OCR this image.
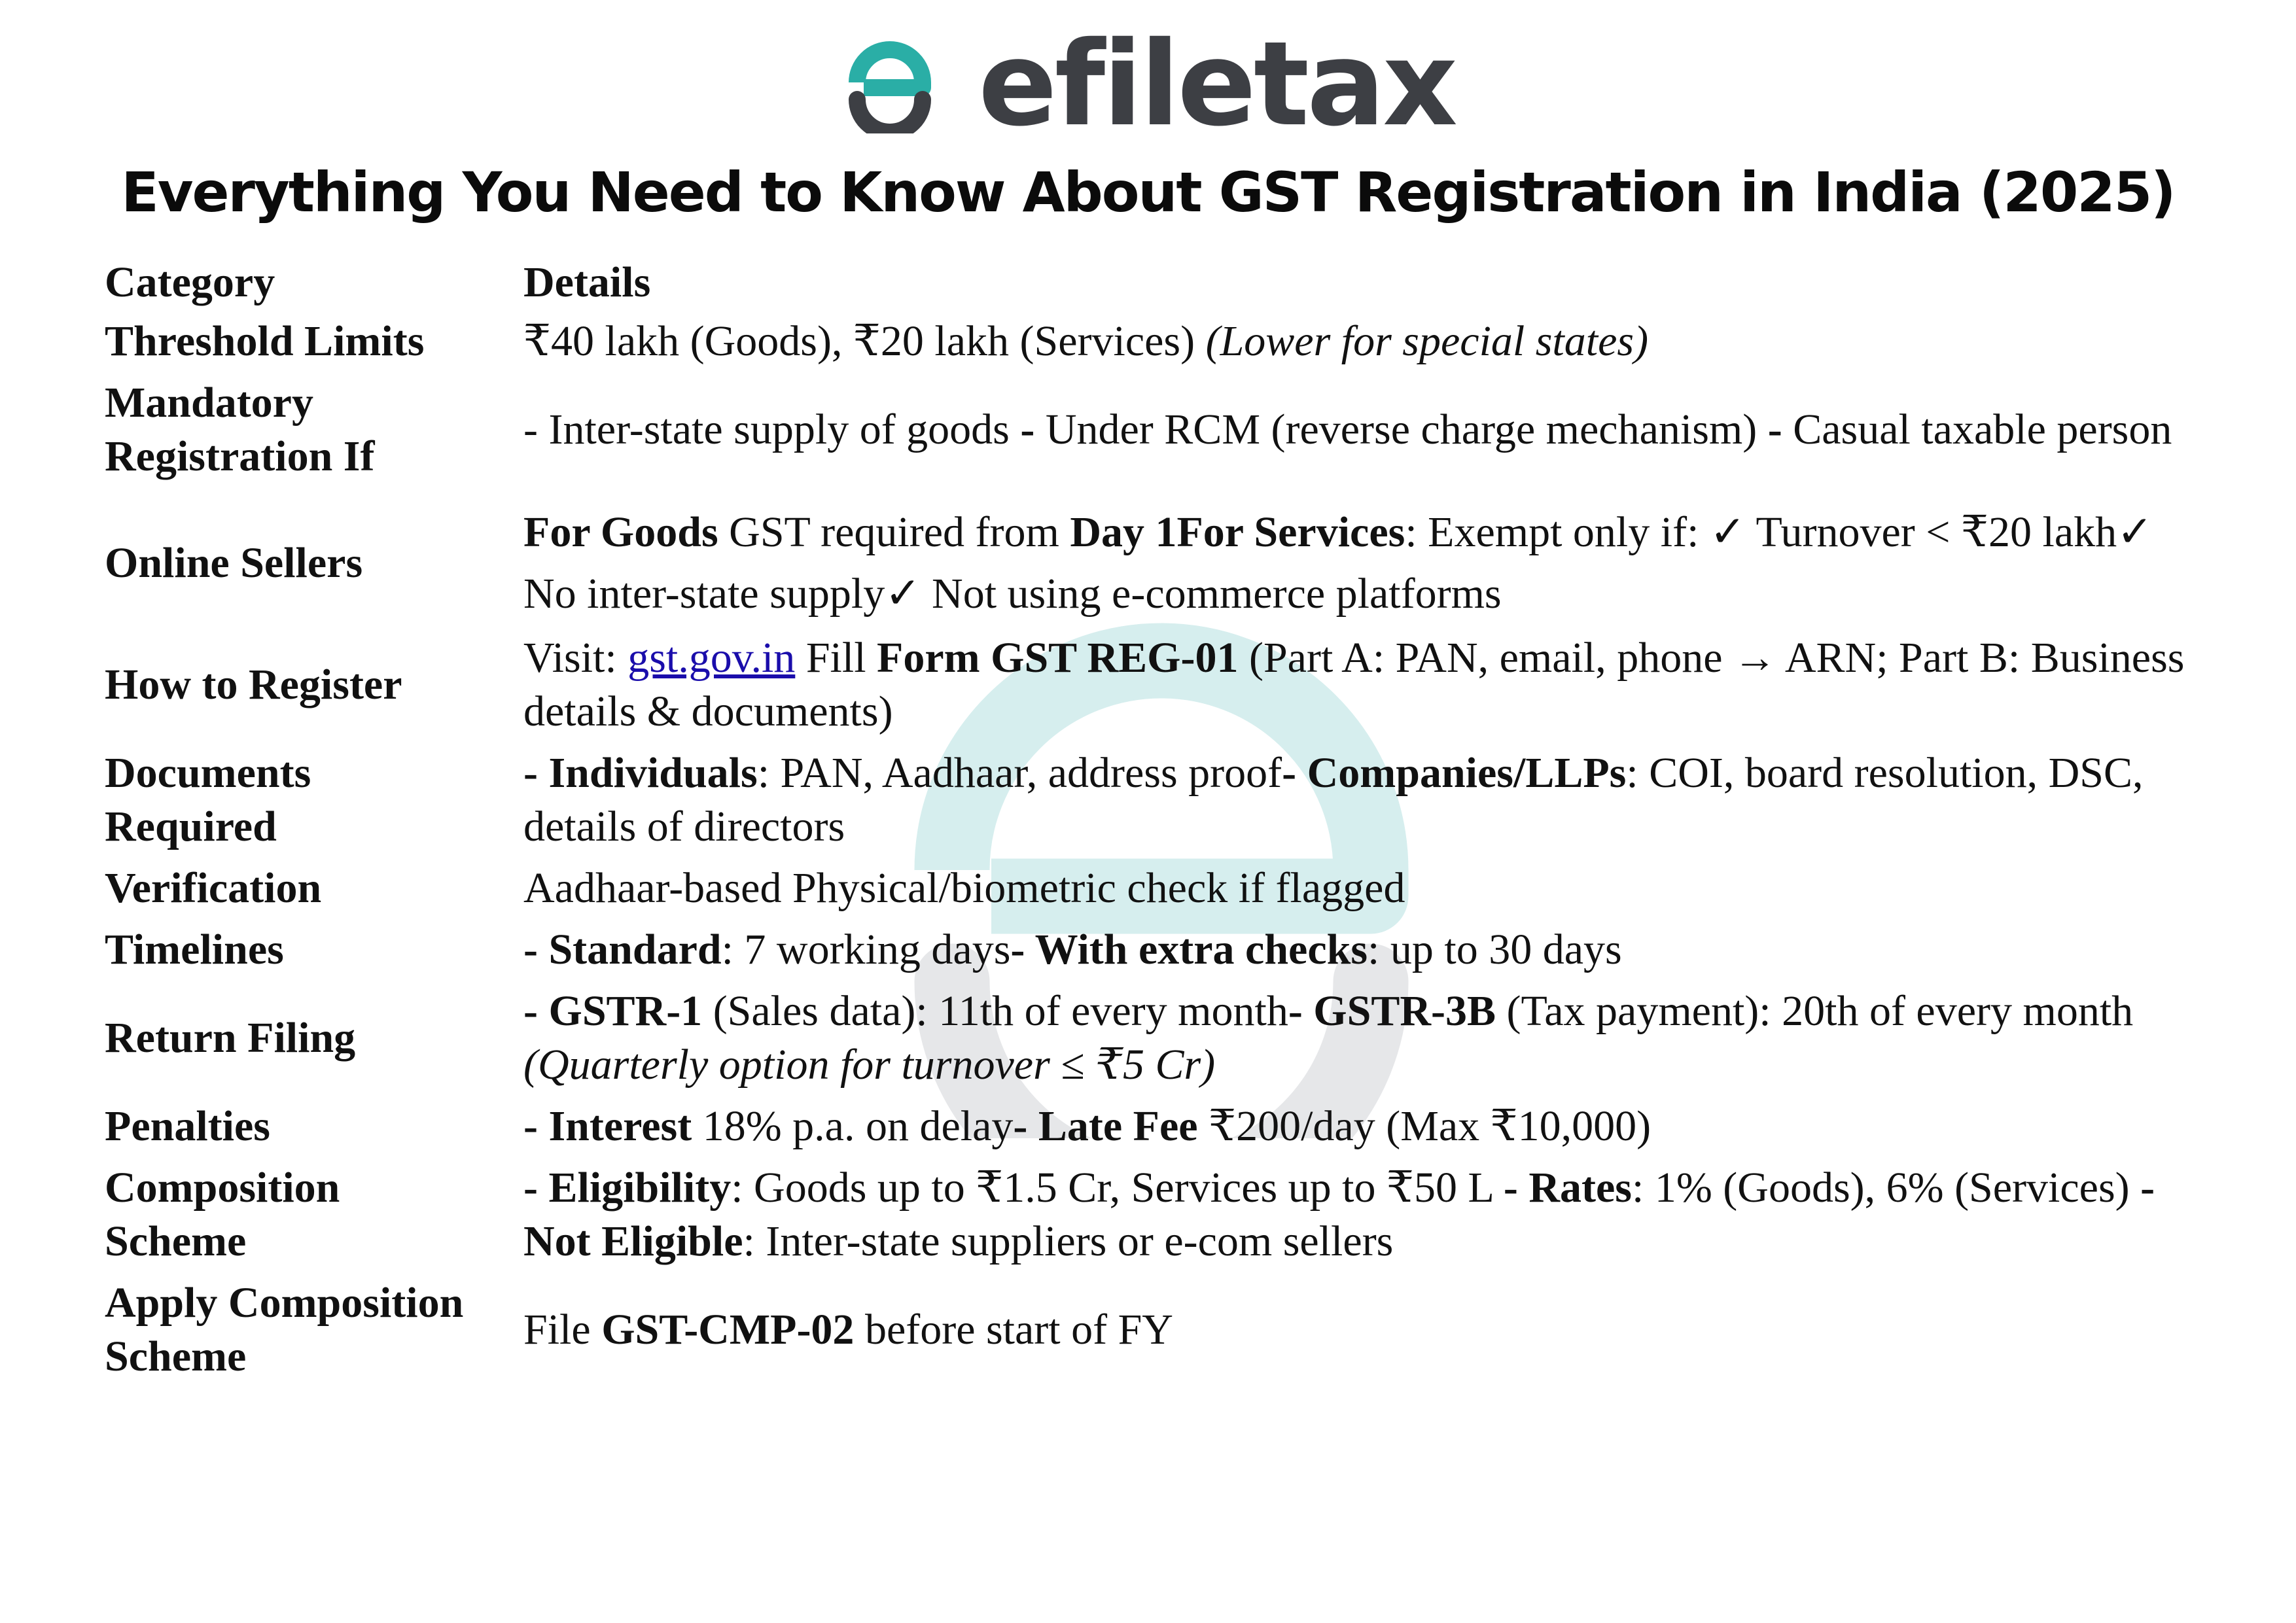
efiletax
Everything You Need to Know About GST Registration in India (2025)
Category	Details
Threshold Limits	₹40 lakh (Goods), ₹20 lakh (Services) (Lower for special states)
Mandatory
Registration If	- Inter-state supply of goods - Under RCM (reverse charge mechanism) - Casual taxable person
Online Sellers	For Goods GST required from Day 1For Services: Exempt only if: ✓ Turnover < ₹20 lakh✓ No inter-state supply✓ Not using e-commerce platforms
How to Register	Visit: gst.gov.in Fill Form GST REG-01 (Part A: PAN, email, phone → ARN; Part B: Business details & documents)
Documents
Required	- Individuals: PAN, Aadhaar, address proof- Companies/LLPs: COI, board resolution, DSC, details of directors
Verification	Aadhaar-based Physical/biometric check if flagged
Timelines	- Standard: 7 working days- With extra checks: up to 30 days
Return Filing	- GSTR-1 (Sales data): 11th of every month- GSTR-3B (Tax payment): 20th of every month (Quarterly option for turnover ≤ ₹5 Cr)
Penalties	- Interest 18% p.a. on delay- Late Fee ₹200/day (Max ₹10,000)
Composition
Scheme	- Eligibility: Goods up to ₹1.5 Cr, Services up to ₹50 L - Rates: 1% (Goods), 6% (Services) - Not Eligible: Inter-state suppliers or e-com sellers
Apply Composition
Scheme	File GST-CMP-02 before start of FY
